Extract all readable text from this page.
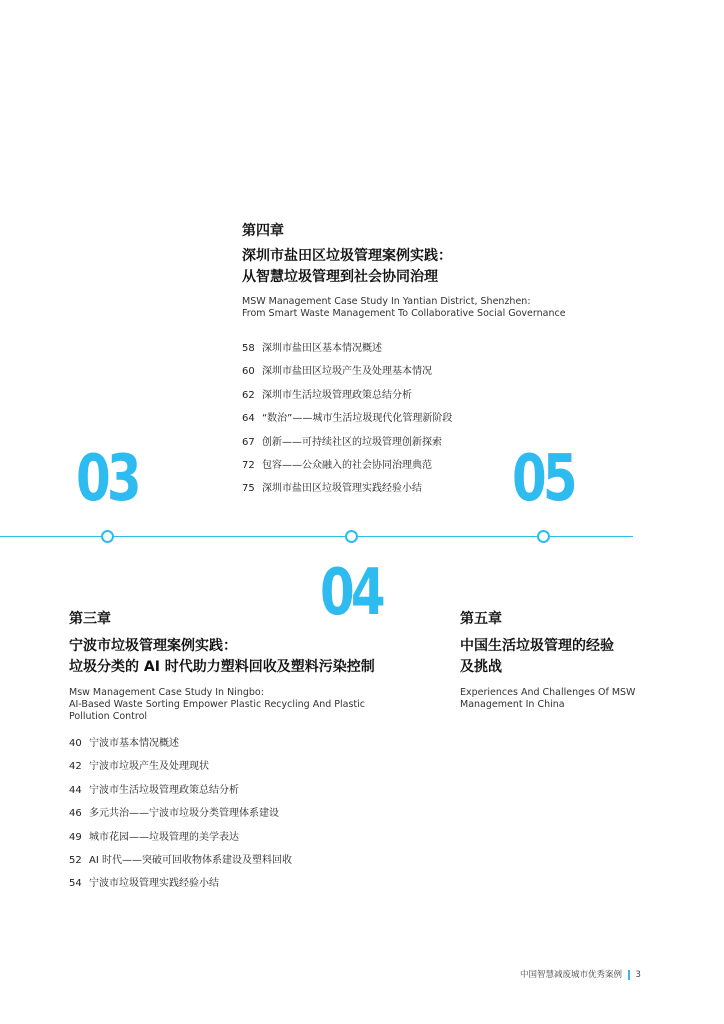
03
04
05
第四章
深圳市盐田区垃圾管理案例实践：
从智慧垃圾管理到社会协同治理
MSW Management Case Study In Yantian District, Shenzhen:
From Smart Waste Management To Collaborative Social Governance
58 深圳市盐田区基本情况概述
60 深圳市盐田区垃圾产生及处理基本情况
62 深圳市生活垃圾管理政策总结分析
64 “数治”——城市生活垃圾现代化管理新阶段
67 创新——可持续社区的垃圾管理创新探索
72 包容——公众融入的社会协同治理典范
75 深圳市盐田区垃圾管理实践经验小结
第三章
宁波市垃圾管理案例实践：
垃圾分类的 AI 时代助力塑料回收及塑料污染控制
Msw Management Case Study In Ningbo:
AI-Based Waste Sorting Empower Plastic Recycling And Plastic
Pollution Control
40 宁波市基本情况概述
42 宁波市垃圾产生及处理现状
44 宁波市生活垃圾管理政策总结分析
46 多元共治——宁波市垃圾分类管理体系建设
49 城市花园——垃圾管理的美学表达
52 AI 时代——突破可回收物体系建设及塑料回收
54 宁波市垃圾管理实践经验小结
第五章
中国生活垃圾管理的经验
及挑战
Experiences And Challenges Of MSW
Management In China
中国智慧减废城市优秀案例 3
